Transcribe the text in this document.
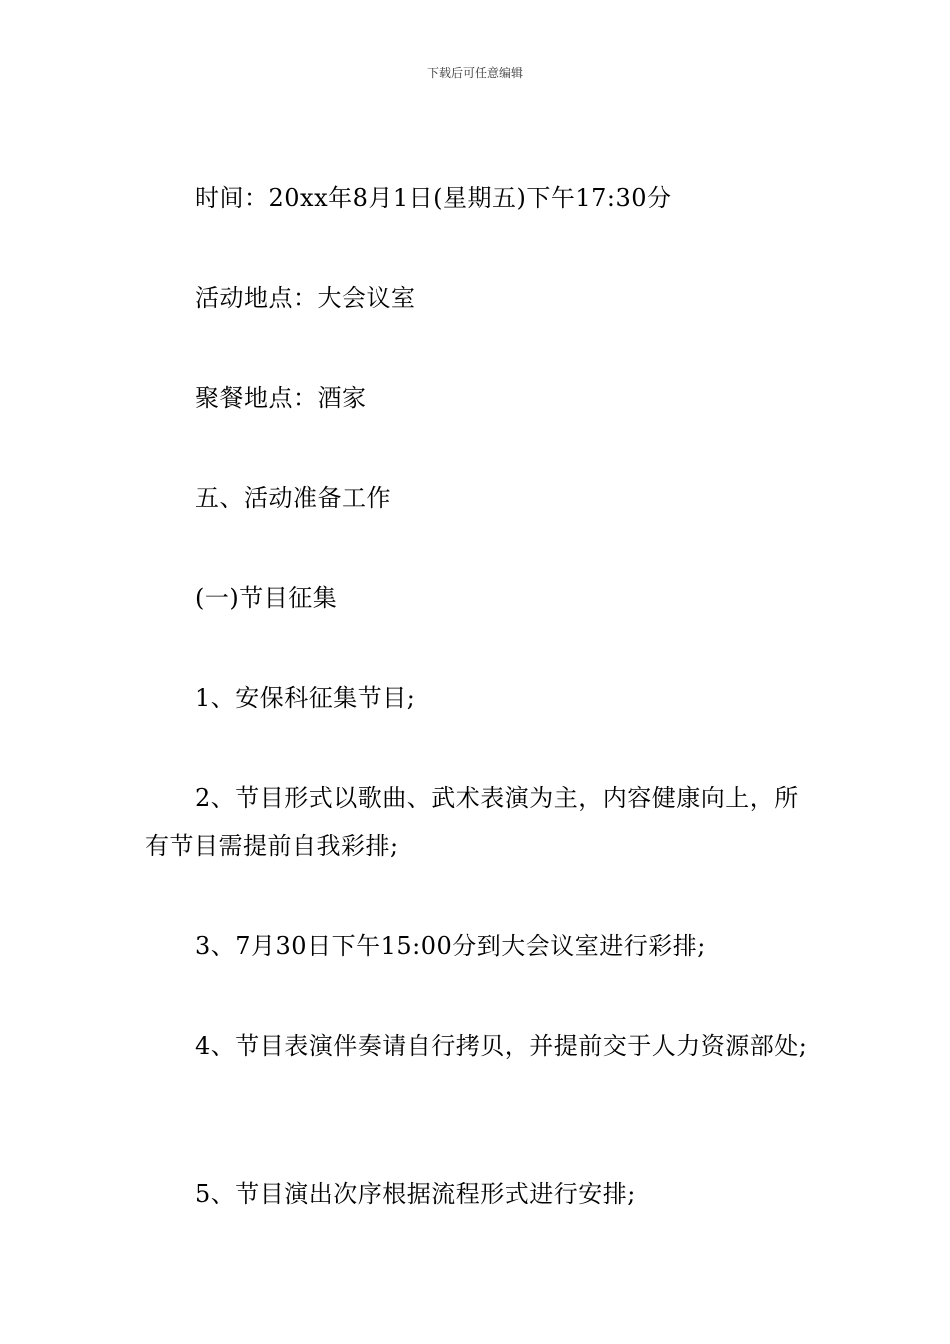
下载后可任意编辑

时间：20xx年8月1日(星期五)下午17:30分

活动地点：大会议室

聚餐地点：酒家

五、活动准备工作

(一)节目征集

1、安保科征集节目;

2、节目形式以歌曲、武术表演为主，内容健康向上，所有节目需提前自我彩排;

3、7月30日下午15:00分到大会议室进行彩排;

4、节目表演伴奏请自行拷贝，并提前交于人力资源部处;

5、节目演出次序根据流程形式进行安排;
